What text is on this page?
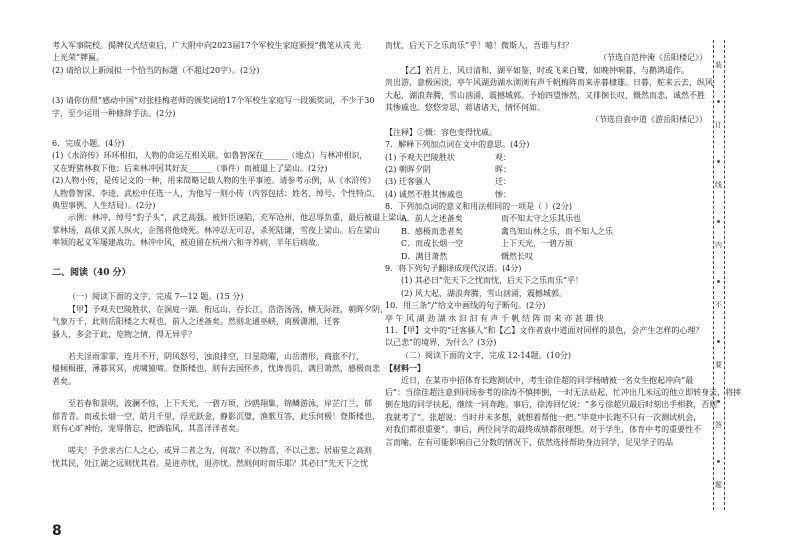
考入军事院校。揭牌仪式结束后，广大附中向2023届17个军校生家庭颁授“携笔从戎 光

上光荣”牌匾。

(2) 请给以上新闻拟一个恰当的标题（不超过20字）。(2分)

(3) 请你仿照“感动中国”对张桂梅老师的颁奖词给17个军校生家庭写一段颁奖词，不少于30

字，至少运用一种修辞手法。(2分)

6．完成小题。(4分)

(1)《水浒传》环环相扣，人物的命运互相关联。如鲁智深在______（地点）与林冲相识，

又在野猪林救下他；后来林冲因其好友______（事件）而被逼上了梁山。(2分)

(2)人物小传，是传记文的一种，用来简略记载人物的生平事迹。请参考示例，从《水浒传》

人物鲁智深、李逵、武松中任选一人，为他写一则小传（内容包括：姓名、绰号、个性特点、

典型事例、人生结局）。(2分)

示例：林冲，绰号“豹子头”，武艺高强。被奸臣诬陷，充军沧州，他忍辱负重，最后被逼上梁山，

掌林场，高俅又派人纵火，企图将他烧死。林冲忍无可忍，杀死陆谦，雪夜上梁山。后在梁山

率领的起义军屡建战功。林冲中风，被迫留在杭州六和寺养病，半年后病故。

二、阅读（40 分）

（一）阅读下面的文字，完成 7—12 题。(15 分)

【甲】予观夫巴陵胜状，在洞庭一湖。衔远山，吞长江，浩浩汤汤，横无际涯，朝晖夕阴，

气象万千，此则岳阳楼之大观也，前人之述备矣。然则北通巫峡，南极潇湘，迁客

骚人，多会于此，览物之情，得无异乎？

若夫淫雨霏霏，连月不开，阴风怒号，浊浪排空，日星隐曜，山岳潜形，商旅不行，

樯倾楫摧，薄暮冥冥，虎啸猿啼。登斯楼也，则有去国怀乡，忧谗畏讥，满目萧然，感极而悲

者矣。

至若春和景明，波澜不惊，上下天光，一碧万顷，沙鸥翔集，锦鳞游泳，岸芷汀兰，郁

郁青青。而或长烟一空，皓月千里，浮光跃金，静影沉璧，渔歌互答，此乐何极！登斯楼也，

则有心旷神怡，宠辱偕忘，把酒临风，其喜洋洋者矣。

嗟夫！予尝求古仁人之心，或异二者之为，何哉？不以物喜，不以己悲；居庙堂之高则

忧其民，处江湖之远则忧其君。是进亦忧，退亦忧。然则何时而乐耶？其必曰“先天下之忧

而忧，后天下之乐而乐”乎！噫！微斯人，吾谁与归？

（节选自范仲淹《岳阳楼记》）

【乙】若月上，风日清和，湖平如鉴，时或飞来白鹭，如晚钟响暮，与鹅鸿遥作。

贵出游，意极闲淡，亭午风湖劲湖水浏浏有声千帆梅阵而来赤暮棣雄。日暮，舵来云去，纵风

大起，湖浪奔腾，雪山汹涌，震撼城郭。予始四望惨然，又徘徊长叹，慨然而悲，诚然不胜

其惨戚也。悠悠旁思，蒋诸诸天，情怀何如。

（节选自袁中道《游岳阳楼记》）

【注释】①慨：容色变得忧戚。

7．解释下列加点词在文中的意思。(4分)

(1) 予观夫巴陵胜状	观：
(2) 朝晖夕阴	晖：
(3) 迁客骚人	迁：
(4) 诚然不胜其惨戚也	惨：

8．下列加点词的意义和用法相同的一项是（ ）(2分)

A．前人之述备矣	而不知太守之乐其乐也
B．感极而悲者矣	禽鸟知山林之乐，而不知人之乐
C．而或长烟一空	上下天光，一碧万顷
D．满目萧然	慨然长叹

9．将下列句子翻译成现代汉语。(4分)

(1) 其必曰“先天下之忧而忧，后天下之乐而乐”乎！

(2) 风大起，湖浪奔腾，雪山汹涌，震撼城郭。

10．用三条“/”给文中画线的句子断句。(2分)

亭 午 风 湖 劲 湖 水 汩 汩 有 声 千 帆 结 阵 而 来 亦 甚 雄 快

11．【甲】文中的“迁客骚人”和【乙】文作者袁中道面对同样的景色，会产生怎样的心理？

以己悲”的境界，为什么？(3分)

（二）阅读下面的文字，完成 12-14题。(10分)

【材料一】

近日，在某市中招体育长跑测试中，考生徐佳超的同学杨晴被一名女生抱起冲向“最

后”：当徐佳超注意到同场参考的徐涛不慎摔倒，一时无法站起，忙冲出几米远的他立即转身去，将摔

倒在地的同学扶起，继续一同奔跑。事后，徐涛回忆说：“多亏徐超贝最后时刻出手相救，否则

我就考了”。张超说：当时并未多想，就想着帮他一把。”毕竟中长跑不只有一次测试机会，

对我们都很重要”。事后，两位同学的最终成绩都很理想。对于学生，体育中考的重要性不

言而喻，在有可能影响自己分数的情况下，依然选择帮助身边同学，足见学子的品

装
订
线
内
不
要
答
题
8
